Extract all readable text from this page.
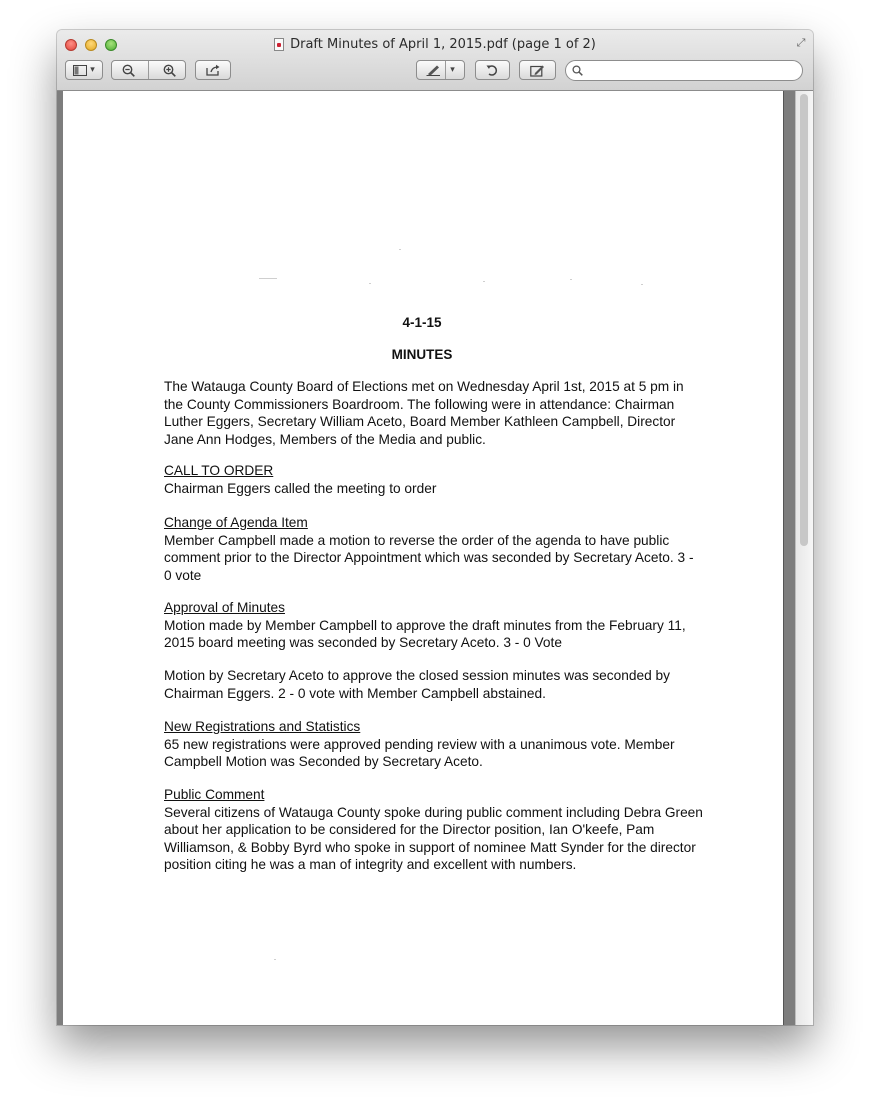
Draft Minutes of April 1, 2015.pdf (page 1 of 2)	⤢
▾	▾
4-1-15
MINUTES

The Watauga County Board of Elections met on Wednesday April 1st, 2015 at 5 pm in the County Commissioners Boardroom. The following were in attendance: Chairman Luther Eggers, Secretary William Aceto, Board Member Kathleen Campbell, Director Jane Ann Hodges, Members of the Media and public.

CALL TO ORDER
Chairman Eggers called the meeting to order
Change of Agenda Item
Member Campbell made a motion to reverse the order of the agenda to have public comment prior to the Director Appointment which was seconded by Secretary Aceto. 3 - 0 vote
Approval of Minutes
Motion made by Member Campbell to approve the draft minutes from the February 11, 2015 board meeting was seconded by Secretary Aceto. 3 - 0 Vote
Motion by Secretary Aceto to approve the closed session minutes was seconded by Chairman Eggers. 2 - 0 vote with Member Campbell abstained.
New Registrations and Statistics
65 new registrations were approved pending review with a unanimous vote. Member Campbell Motion was Seconded by Secretary Aceto.
Public Comment
Several citizens of Watauga County spoke during public comment including Debra Green about her application to be considered for the Director position, Ian O'keefe, Pam Williamson, & Bobby Byrd who spoke in support of nominee Matt Synder for the director position citing he was a man of integrity and excellent with numbers.
